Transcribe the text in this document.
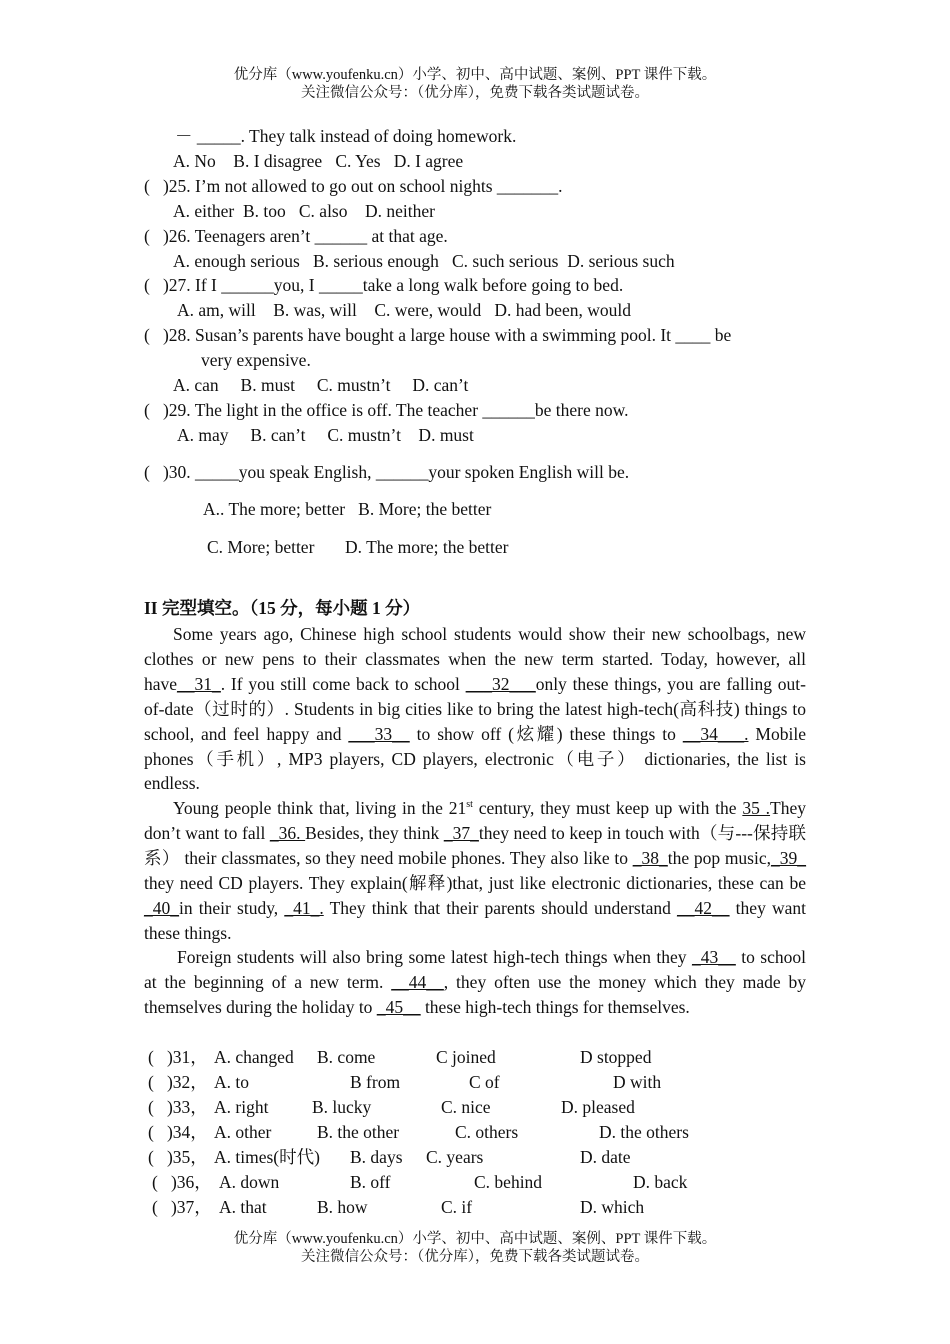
优分库（www.youfenku.cn）小学、初中、高中试题、案例、PPT 课件下载。
关注微信公众号：（优分库），免费下载各类试题试卷。
－ _____. They talk instead of doing homework.
A. No    B. I disagree   C. Yes   D. I agree
(   )25. I’m not allowed to go out on school nights _______.
A. either  B. too   C. also    D. neither
(   )26. Teenagers aren’t ______ at that age.
A. enough serious   B. serious enough   C. such serious  D. serious such
(   )27. If I ______you, I _____take a long walk before going to bed.
A. am, will    B. was, will    C. were, would   D. had been, would
(   )28. Susan’s parents have bought a large house with a swimming pool. It ____ be
very expensive.
A. can     B. must     C. mustn’t     D. can’t
(   )29. The light in the office is off. The teacher ______be there now.
A. may     B. can’t     C. mustn’t    D. must
(   )30. _____you speak English, ______your spoken English will be.
A.. The more; better   B. More; the better
C. More; better       D. The more; the better
II 完型填空。（15 分，每小题 1 分）
Some years ago, Chinese high school students would show their new schoolbags, new clothes or new pens to their classmates when the new term started. Today, however, all have__31_. If you still come back to school ___32___only these things, you are falling out-of-date（过时的）. Students in big cities like to bring the latest high-tech(高科技) things to school, and feel happy and ___33__ to show off (炫耀) these things to __34___. Mobile phones（手机）, MP3 players, CD players, electronic（电子） dictionaries, the list is endless.
Young people think that, living in the 21st century, they must keep up with the 35 .They don’t want to fall _36. Besides, they think _37_they need to keep in touch with（与---保持联系） their classmates, so they need mobile phones. They also like to _38_the pop music,_39_ they need CD players. They explain(解释)that, just like electronic dictionaries, these can be _40_in their study, _41_. They think that their parents should understand __42__ they want these things.
Foreign students will also bring some latest high-tech things when they _43__ to school at the beginning of a new term. __44__, they often use the money which they made by themselves during the holiday to _45__ these high-tech things for themselves.
(   )31， A. changed B. come	C joined	D stopped
(   )32， A. to	B from	C of	D with
(   )33， A. right B. lucky	C. nice	D. pleased
(   )34， A. other	B. the other	C. others	D. the others
(   )35， A. times(时代) B. days C. years	D. date
(   )36， A. down	B. off	C. behind	D. back
(   )37， A. that	B. how	C. if	D. which
优分库（www.youfenku.cn）小学、初中、高中试题、案例、PPT 课件下载。
关注微信公众号：（优分库），免费下载各类试题试卷。
